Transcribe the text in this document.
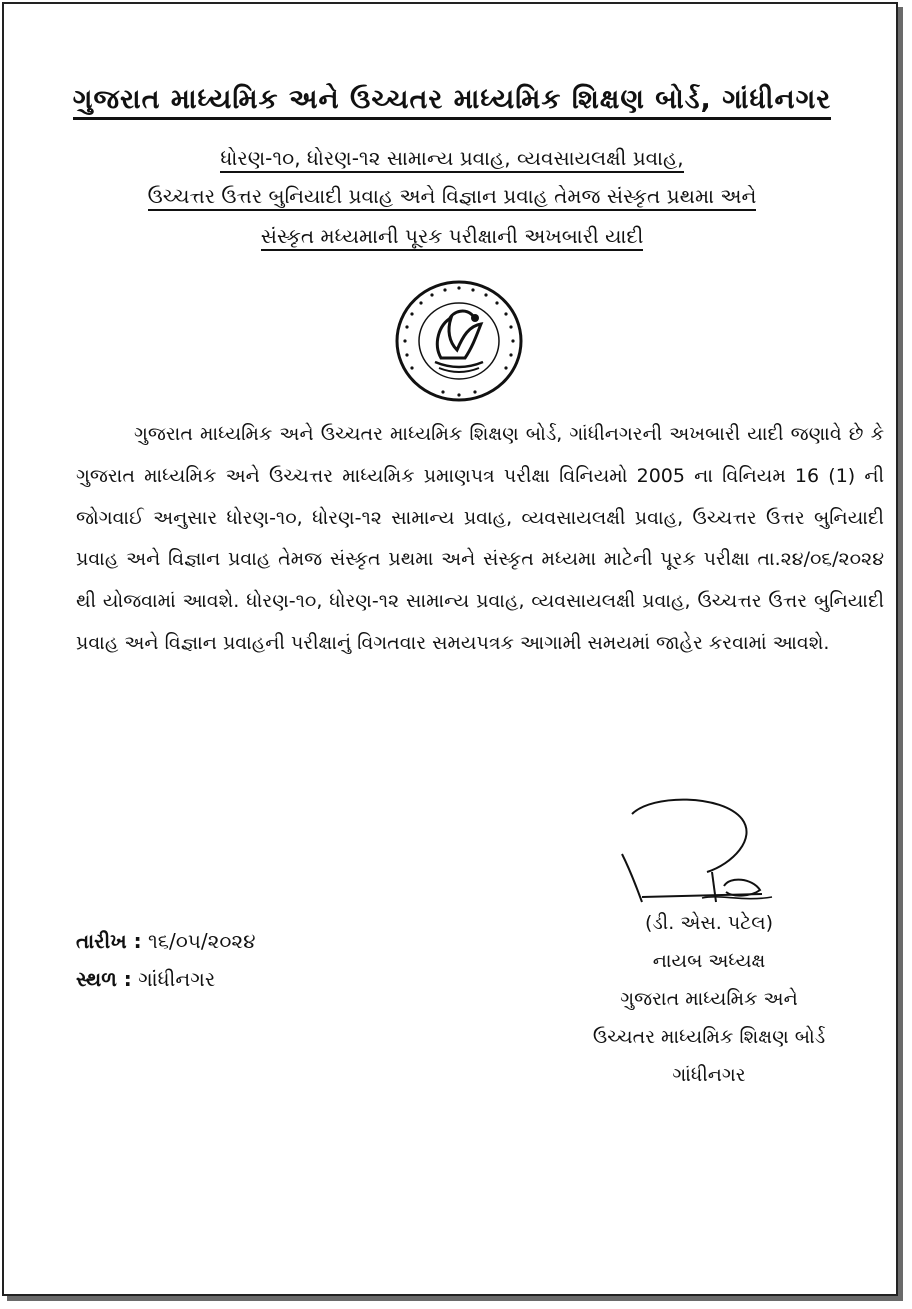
ગુજરાત માધ્યમિક અને ઉચ્ચતર માધ્યમિક શિક્ષણ બોર્ડ, ગાંધીનગર
ધોરણ-૧૦, ધોરણ-૧૨ સામાન્ય પ્રવાહ, વ્યવસાયલક્ષી પ્રવાહ,
ઉચ્ચત્તર ઉત્તર બુનિયાદી પ્રવાહ અને વિજ્ઞાન પ્રવાહ તેમજ સંસ્કૃત પ્રથમા અને
સંસ્કૃત મધ્યમાની પૂરક પરીક્ષાની અખબારી યાદી
ગુજરાત માધ્યમિક અને ઉચ્ચતર માધ્યમિક શિક્ષણ બોર્ડ, ગાંધીનગરની અખબારી યાદી જણાવે છે કે ગુજરાત માધ્યમિક અને ઉચ્ચત્તર માધ્યમિક પ્રમાણપત્ર પરીક્ષા વિનિયમો 2005 ના વિનિયમ 16 (1) ની જોગવાઈ અનુસાર ધોરણ-૧૦, ધોરણ-૧૨ સામાન્ય પ્રવાહ, વ્યવસાયલક્ષી પ્રવાહ, ઉચ્ચત્તર ઉત્તર બુનિયાદી પ્રવાહ અને વિજ્ઞાન પ્રવાહ તેમજ સંસ્કૃત પ્રથમા અને સંસ્કૃત મધ્યમા માટેની પૂરક પરીક્ષા તા.૨૪/૦૬/૨૦૨૪ થી યોજવામાં આવશે. ધોરણ-૧૦, ધોરણ-૧૨ સામાન્ય પ્રવાહ, વ્યવસાયલક્ષી પ્રવાહ, ઉચ્ચત્તર ઉત્તર બુનિયાદી પ્રવાહ અને વિજ્ઞાન પ્રવાહની પરીક્ષાનું વિગતવાર સમયપત્રક આગામી સમયમાં જાહેર કરવામાં આવશે.
તારીખ : ૧૬/૦૫/૨૦૨૪
સ્થળ : ગાંધીનગર
(ડી. એસ. પટેલ)
નાયબ અધ્યક્ષ
ગુજરાત માધ્યમિક અને
ઉચ્ચતર માધ્યમિક શિક્ષણ બોર્ડ
ગાંધીનગર
